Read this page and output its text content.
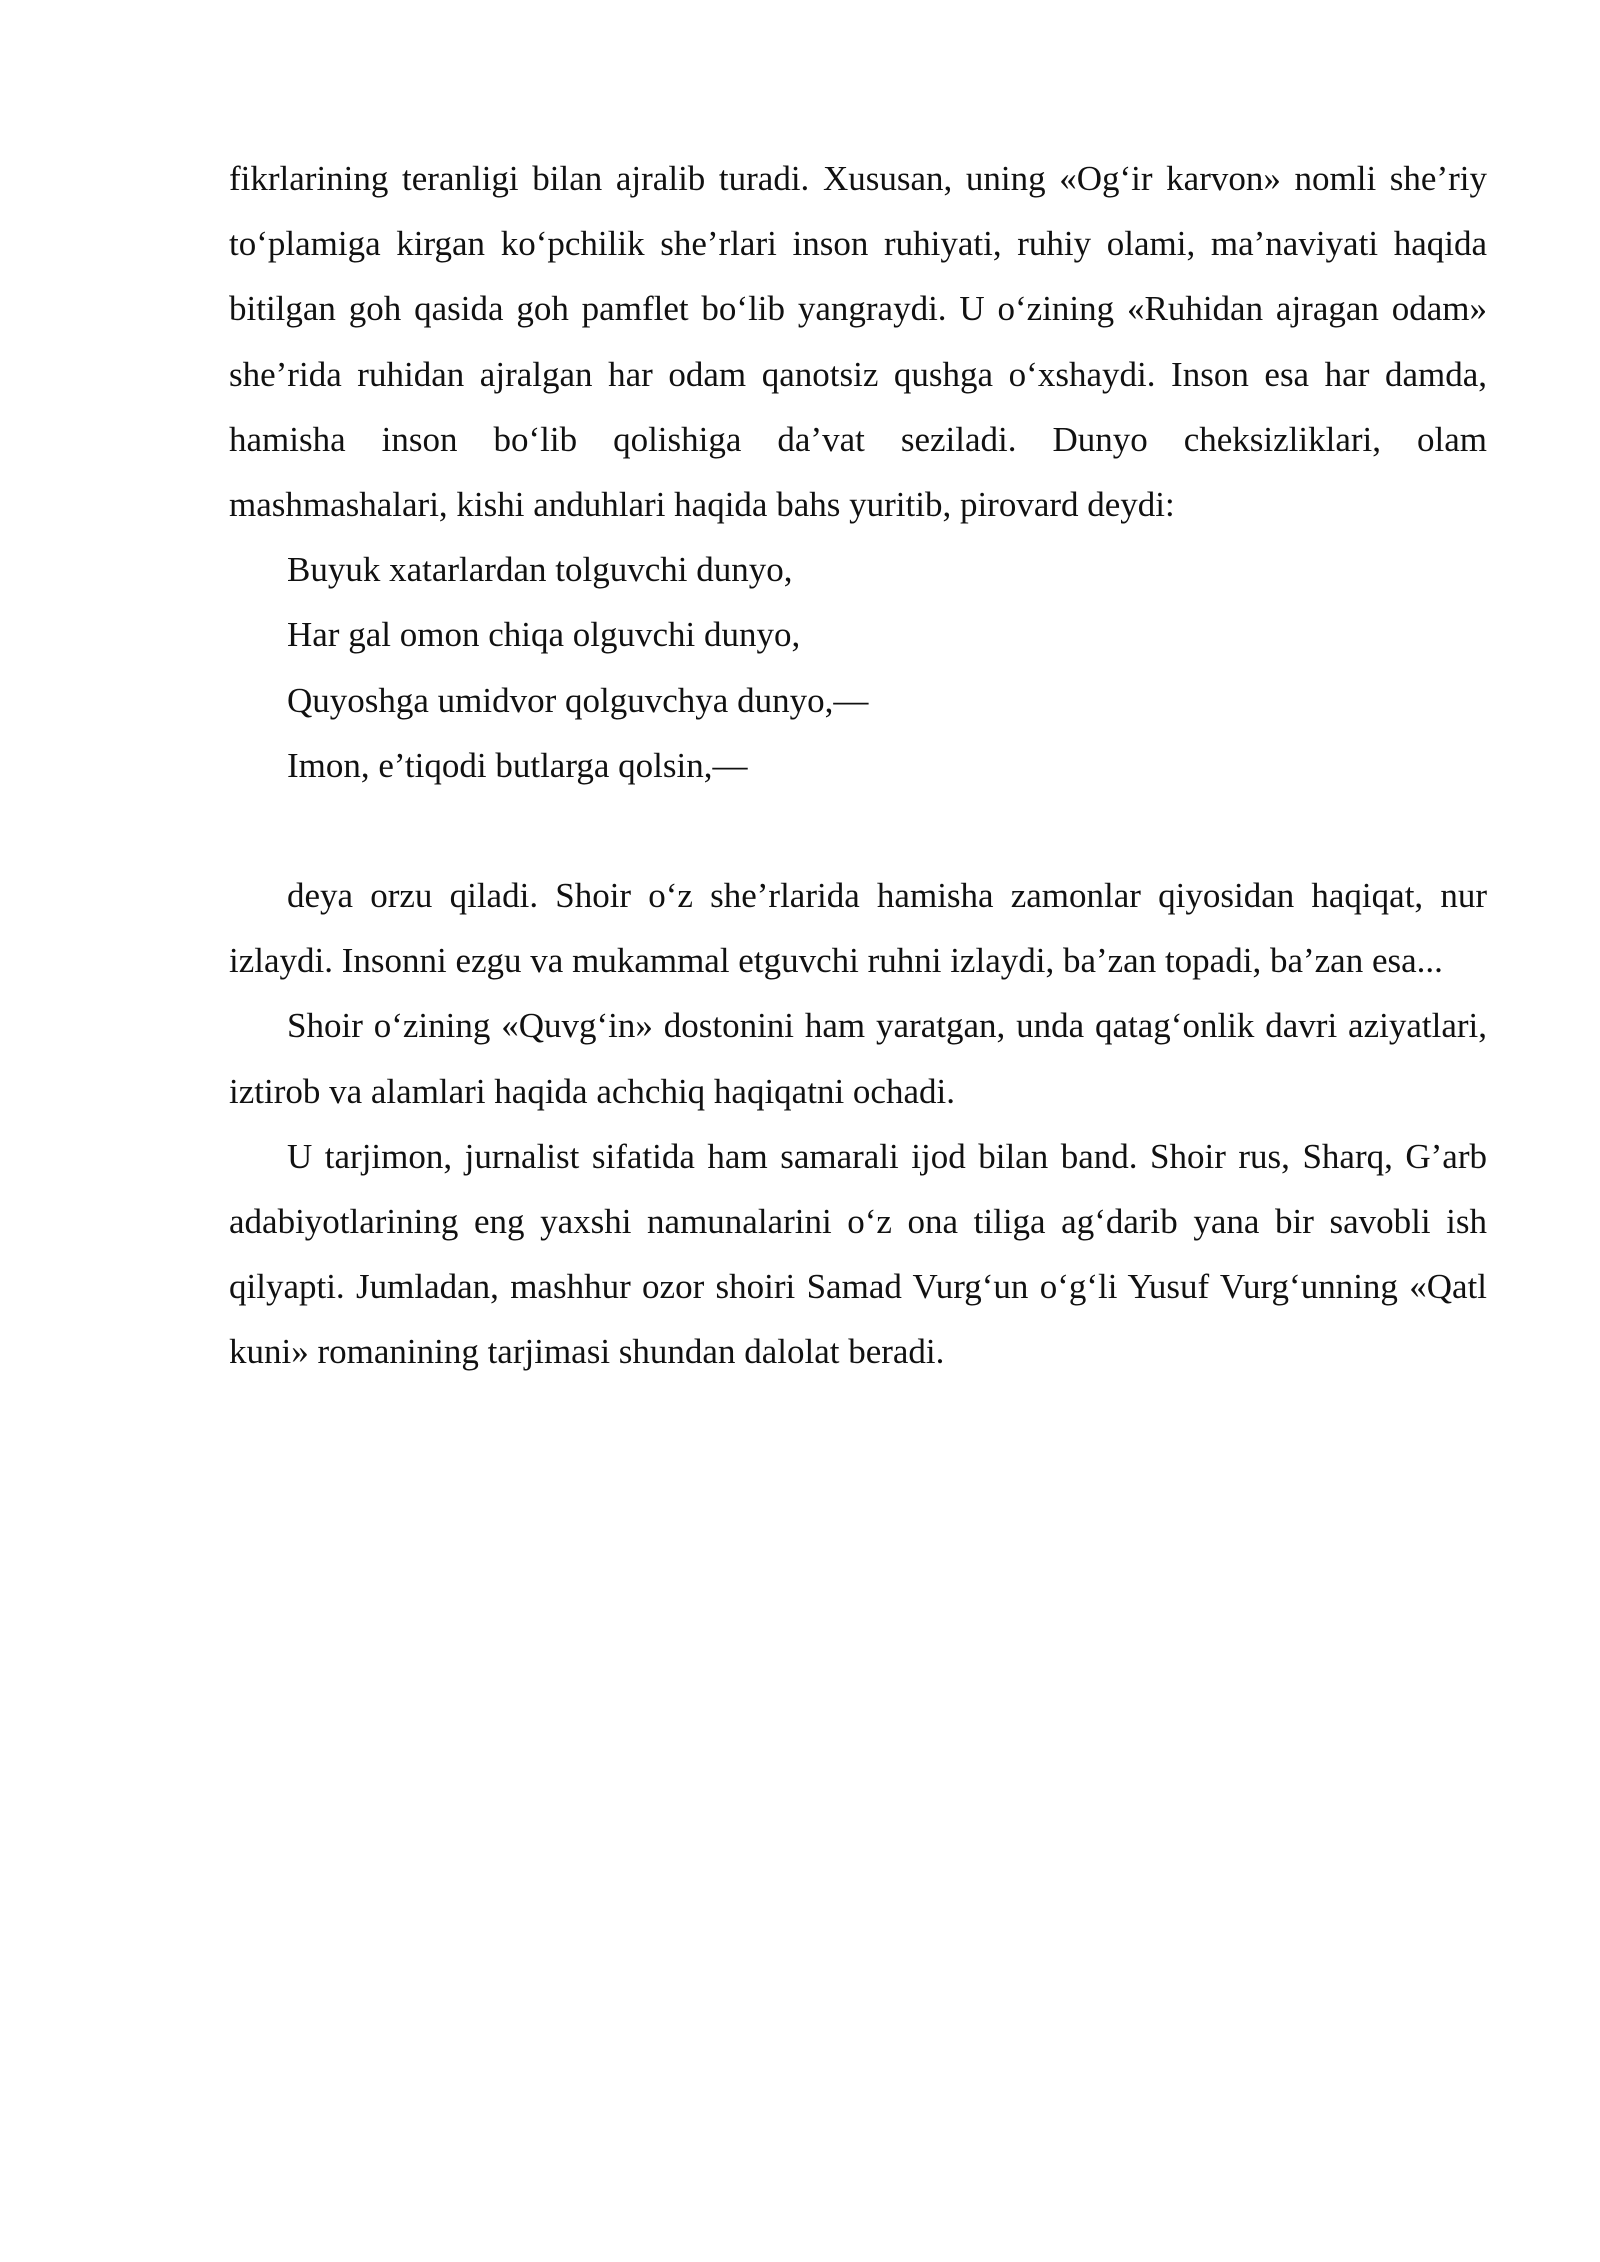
fikrlarining teranligi bilan ajralib turadi. Xususan, uning «Og‘ir karvon» nomli she’riy to‘plamiga kirgan ko‘pchilik she’rlari inson ruhiyati, ruhiy olami, ma’naviyati haqida bitilgan goh qasida goh pamflet bo‘lib yangraydi. U o‘zining «Ruhidan ajragan odam» she’rida ruhidan ajralgan har odam qanotsiz qushga o‘xshaydi. Inson esa har damda, hamisha inson bo‘lib qolishiga da’vat seziladi. Dunyo cheksizliklari, olam mashmashalari, kishi anduhlari haqida bahs yuritib, pirovard deydi:

Buyuk xatarlardan tolguvchi dunyo,
Har gal omon chiqa olguvchi dunyo,
Quyoshga umidvor qolguvchya dunyo,—
Imon, e’tiqodi butlarga qolsin,—

deya orzu qiladi. Shoir o‘z she’rlarida hamisha zamonlar qiyosidan haqiqat, nur izlaydi. Insonni ezgu va mukammal etguvchi ruhni izlaydi, ba’zan topadi, ba’zan esa...

Shoir o‘zining «Quvg‘in» dostonini ham yaratgan, unda qatag‘onlik davri aziyatlari, iztirob va alamlari haqida achchiq haqiqatni ochadi.

U tarjimon, jurnalist sifatida ham samarali ijod bilan band. Shoir rus, Sharq, G’arb adabiyotlarining eng yaxshi namunalarini o‘z ona tiliga ag‘darib yana bir savobli ish qilyapti. Jumladan, mashhur ozor shoiri Samad Vurg‘un o‘g‘li Yusuf Vurg‘unning «Qatl kuni» romanining tarjimasi shundan dalolat beradi.
